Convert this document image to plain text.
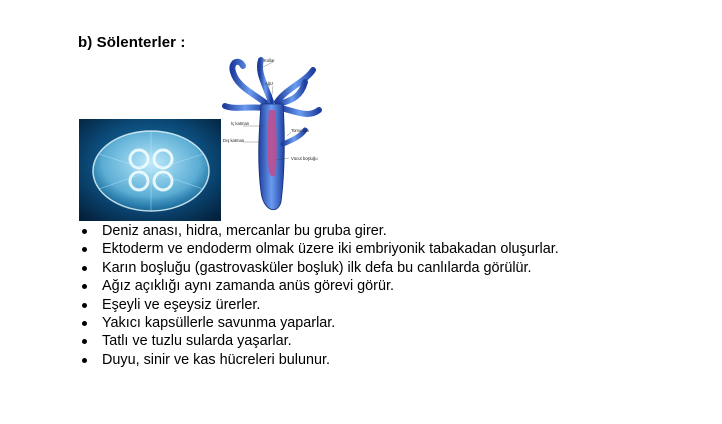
b) Sölenterler :
Kollar
Ağız
İç katman
Dış katman
Tomurcuk
Vücut boşluğu
Deniz anası, hidra, mercanlar bu gruba girer.
Ektoderm ve endoderm olmak üzere iki embriyonik tabakadan oluşurlar.
Karın boşluğu (gastrovasküler boşluk) ilk defa bu canlılarda görülür.
Ağız açıklığı aynı zamanda anüs görevi görür.
Eşeyli ve eşeysiz ürerler.
Yakıcı kapsüllerle savunma yaparlar.
Tatlı ve tuzlu sularda yaşarlar.
Duyu, sinir ve kas hücreleri bulunur.
